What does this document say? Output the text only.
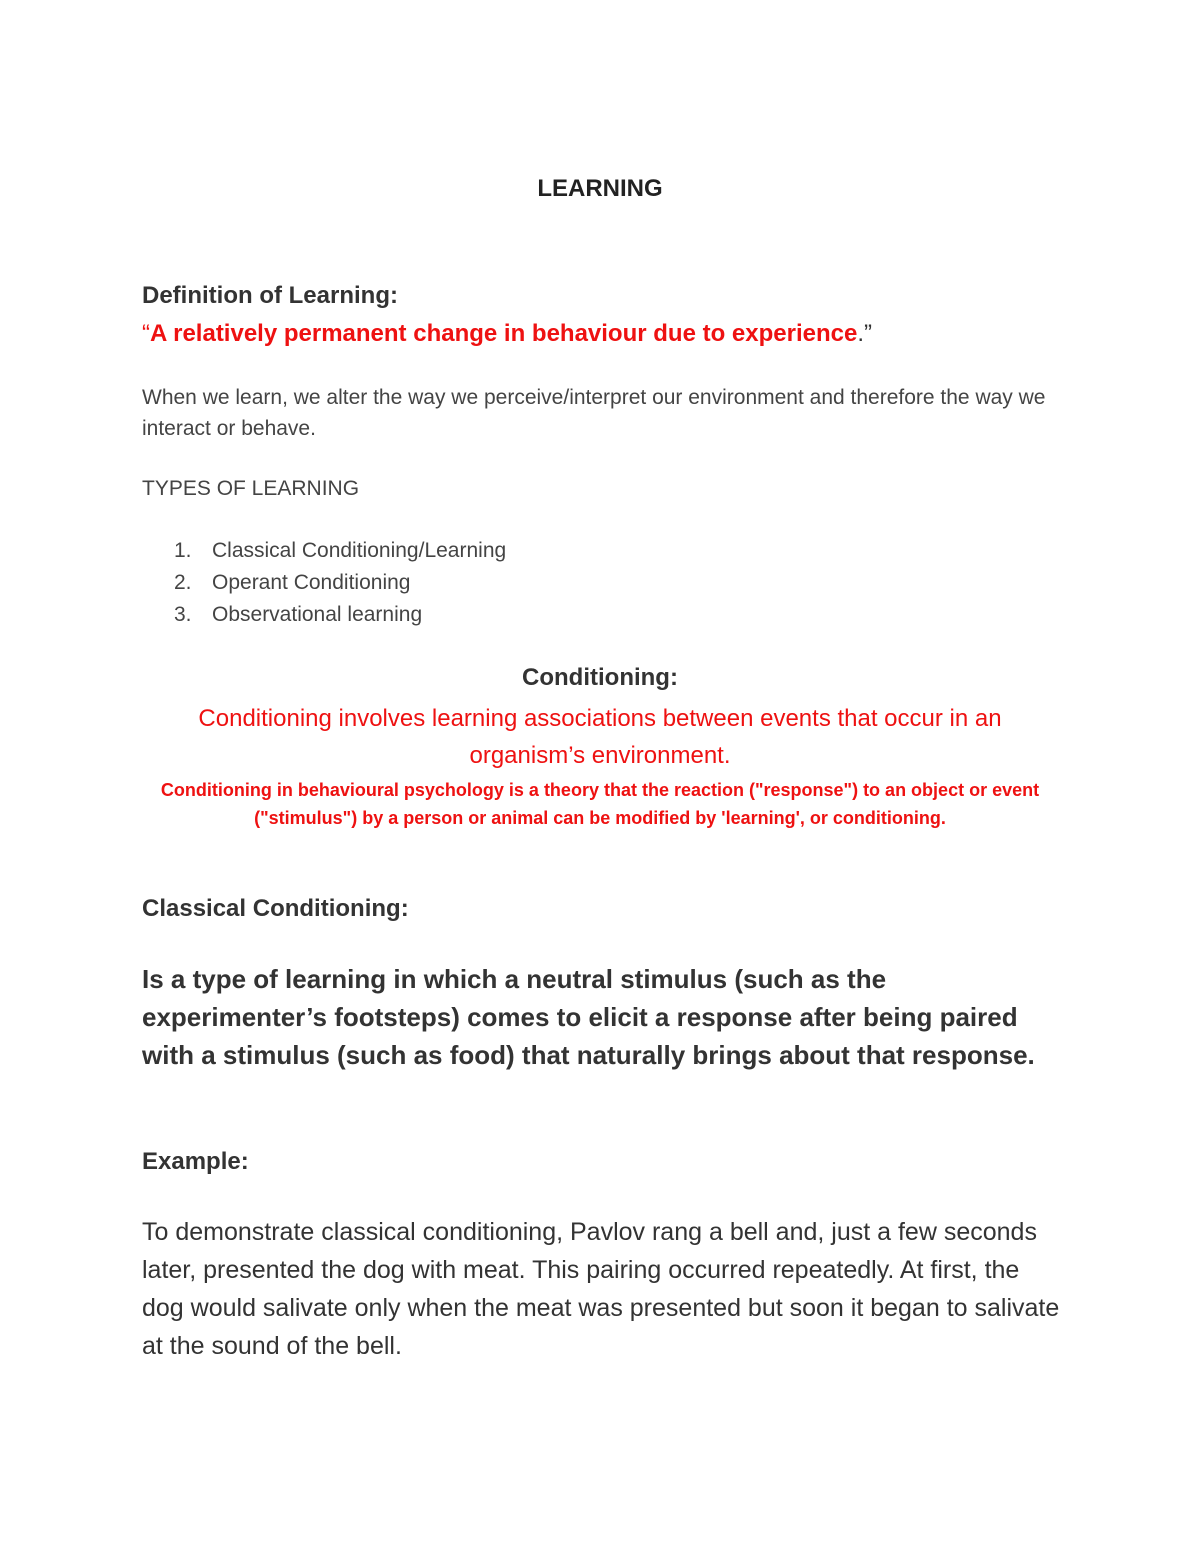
LEARNING
Definition of Learning:
“A relatively permanent change in behaviour due to experience.”

When we learn, we alter the way we perceive/interpret our environment and therefore the way we interact or behave.

TYPES OF LEARNING

1. Classical Conditioning/Learning
2. Operant Conditioning
3. Observational learning
Conditioning:

Conditioning involves learning associations between events that occur in an organism’s environment.

Conditioning in behavioural psychology is a theory that the reaction ("response") to an object or event ("stimulus") by a person or animal can be modified by 'learning', or conditioning.

Classical Conditioning:

Is a type of learning in which a neutral stimulus (such as the experimenter’s footsteps) comes to elicit a response after being paired with a stimulus (such as food) that naturally brings about that response.

Example:

To demonstrate classical conditioning, Pavlov rang a bell and, just a few seconds later, presented the dog with meat. This pairing occurred repeatedly. At first, the dog would salivate only when the meat was presented but soon it began to salivate at the sound of the bell.
